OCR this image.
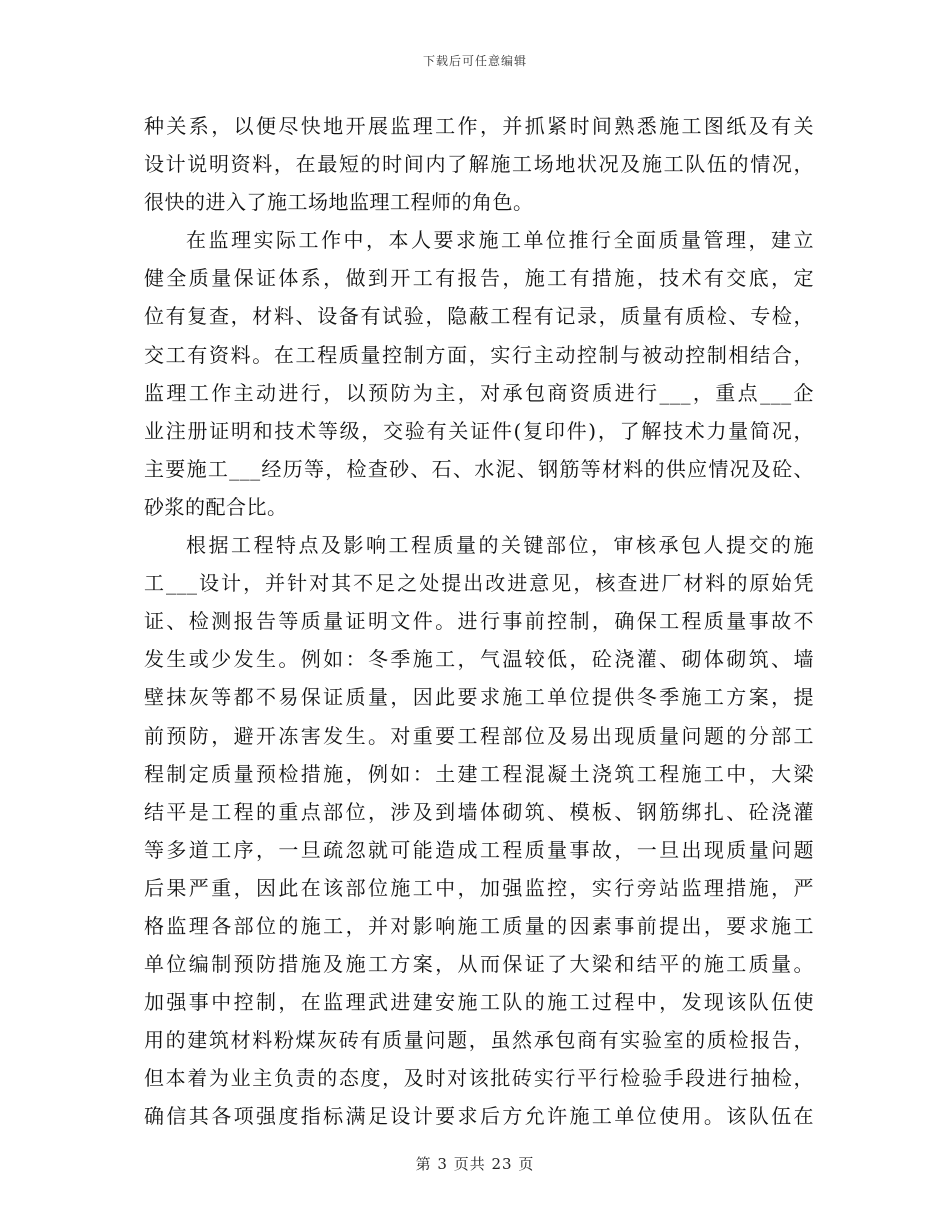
下载后可任意编辑
种关系，以便尽快地开展监理工作，并抓紧时间熟悉施工图纸及有关
设计说明资料，在最短的时间内了解施工场地状况及施工队伍的情况，
很快的进入了施工场地监理工程师的角色。
在监理实际工作中，本人要求施工单位推行全面质量管理，建立
健全质量保证体系，做到开工有报告，施工有措施，技术有交底，定
位有复查，材料、设备有试验，隐蔽工程有记录，质量有质检、专检，
交工有资料。在工程质量控制方面，实行主动控制与被动控制相结合，
监理工作主动进行，以预防为主，对承包商资质进行___，重点___企
业注册证明和技术等级，交验有关证件(复印件)，了解技术力量简况，
主要施工___经历等，检查砂、石、水泥、钢筋等材料的供应情况及砼、
砂浆的配合比。
根据工程特点及影响工程质量的关键部位，审核承包人提交的施
工___设计，并针对其不足之处提出改进意见，核查进厂材料的原始凭
证、检测报告等质量证明文件。进行事前控制，确保工程质量事故不
发生或少发生。例如：冬季施工，气温较低，砼浇灌、砌体砌筑、墙
壁抹灰等都不易保证质量，因此要求施工单位提供冬季施工方案，提
前预防，避开冻害发生。对重要工程部位及易出现质量问题的分部工
程制定质量预检措施，例如：土建工程混凝土浇筑工程施工中，大梁
结平是工程的重点部位，涉及到墙体砌筑、模板、钢筋绑扎、砼浇灌
等多道工序，一旦疏忽就可能造成工程质量事故，一旦出现质量问题
后果严重，因此在该部位施工中，加强监控，实行旁站监理措施，严
格监理各部位的施工，并对影响施工质量的因素事前提出，要求施工
单位编制预防措施及施工方案，从而保证了大梁和结平的施工质量。
加强事中控制，在监理武进建安施工队的施工过程中，发现该队伍使
用的建筑材料粉煤灰砖有质量问题，虽然承包商有实验室的质检报告，
但本着为业主负责的态度，及时对该批砖实行平行检验手段进行抽检，
确信其各项强度指标满足设计要求后方允许施工单位使用。该队伍在
第 3 页共 23 页
